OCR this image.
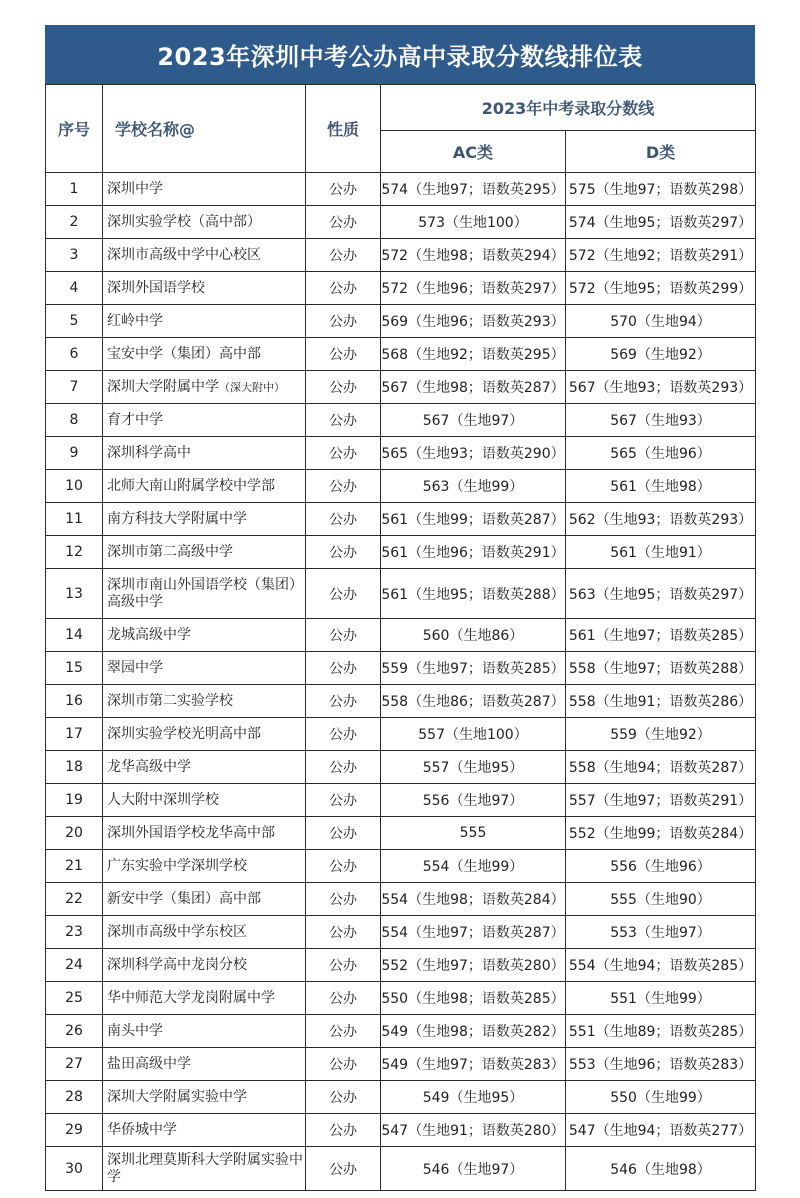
2023年深圳中考公办高中录取分数线排位表
序号	学校名称@	性质	2023年中考录取分数线	
			AC类	D类
1	深圳中学	公办	574（生地97；语数英295）	575（生地97；语数英298）
2	深圳实验学校（高中部）	公办	573（生地100）	574（生地95；语数英297）
3	深圳市高级中学中心校区	公办	572（生地98；语数英294）	572（生地92；语数英291）
4	深圳外国语学校	公办	572（生地96；语数英297）	572（生地95；语数英299）
5	红岭中学	公办	569（生地96；语数英293）	570（生地94）
6	宝安中学（集团）高中部	公办	568（生地92；语数英295）	569（生地92）
7	深圳大学附属中学（深大附中）	公办	567（生地98；语数英287）	567（生地93；语数英293）
8	育才中学	公办	567（生地97）	567（生地93）
9	深圳科学高中	公办	565（生地93；语数英290）	565（生地96）
10	北师大南山附属学校中学部	公办	563（生地99）	561（生地98）
11	南方科技大学附属中学	公办	561（生地99；语数英287）	562（生地93；语数英293）
12	深圳市第二高级中学	公办	561（生地96；语数英291）	561（生地91）
13	深圳市南山外国语学校（集团）高级中学	公办	561（生地95；语数英288）	563（生地95；语数英297）
14	龙城高级中学	公办	560（生地86）	561（生地97；语数英285）
15	翠园中学	公办	559（生地97；语数英285）	558（生地97；语数英288）
16	深圳市第二实验学校	公办	558（生地86；语数英287）	558（生地91；语数英286）
17	深圳实验学校光明高中部	公办	557（生地100）	559（生地92）
18	龙华高级中学	公办	557（生地95）	558（生地94；语数英287）
19	人大附中深圳学校	公办	556（生地97）	557（生地97；语数英291）
20	深圳外国语学校龙华高中部	公办	555	552（生地99；语数英284）
21	广东实验中学深圳学校	公办	554（生地99）	556（生地96）
22	新安中学（集团）高中部	公办	554（生地98；语数英284）	555（生地90）
23	深圳市高级中学东校区	公办	554（生地97；语数英287）	553（生地97）
24	深圳科学高中龙岗分校	公办	552（生地97；语数英280）	554（生地94；语数英285）
25	华中师范大学龙岗附属中学	公办	550（生地98；语数英285）	551（生地99）
26	南头中学	公办	549（生地98；语数英282）	551（生地89；语数英285）
27	盐田高级中学	公办	549（生地97；语数英283）	553（生地96；语数英283）
28	深圳大学附属实验中学	公办	549（生地95）	550（生地99）
29	华侨城中学	公办	547（生地91；语数英280）	547（生地94；语数英277）
30	深圳北理莫斯科大学附属实验中学	公办	546（生地97）	546（生地98）
